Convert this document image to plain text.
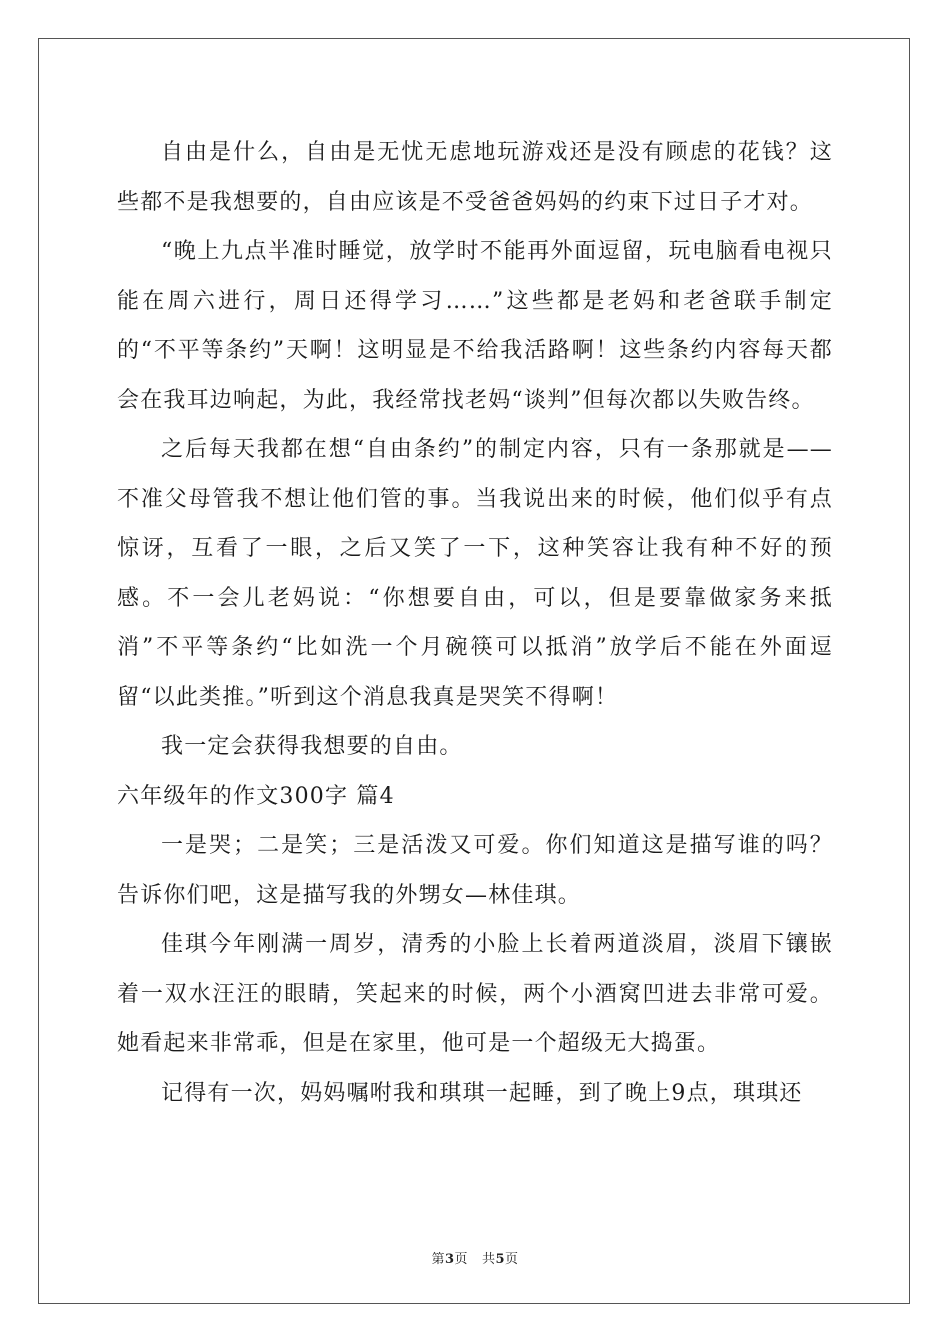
自由是什么，自由是无忧无虑地玩游戏还是没有顾虑的花钱？这些都不是我想要的，自由应该是不受爸爸妈妈的约束下过日子才对。

“晚上九点半准时睡觉，放学时不能再外面逗留，玩电脑看电视只能在周六进行，周日还得学习……”这些都是老妈和老爸联手制定的“不平等条约”天啊！这明显是不给我活路啊！这些条约内容每天都会在我耳边响起，为此，我经常找老妈“谈判”但每次都以失败告终。

之后每天我都在想“自由条约”的制定内容，只有一条那就是——不准父母管我不想让他们管的事。当我说出来的时候，他们似乎有点惊讶，互看了一眼，之后又笑了一下，这种笑容让我有种不好的预感。不一会儿老妈说：“你想要自由，可以，但是要靠做家务来抵消”不平等条约“比如洗一个月碗筷可以抵消”放学后不能在外面逗留“以此类推。”听到这个消息我真是哭笑不得啊！

我一定会获得我想要的自由。

六年级年的作文300字 篇4

一是哭；二是笑；三是活泼又可爱。你们知道这是描写谁的吗？告诉你们吧，这是描写我的外甥女—林佳琪。

佳琪今年刚满一周岁，清秀的小脸上长着两道淡眉，淡眉下镶嵌着一双水汪汪的眼睛，笑起来的时候，两个小酒窝凹进去非常可爱。她看起来非常乖，但是在家里，他可是一个超级无大捣蛋。

记得有一次，妈妈嘱咐我和琪琪一起睡，到了晚上9点，琪琪还

第3页 共5页
